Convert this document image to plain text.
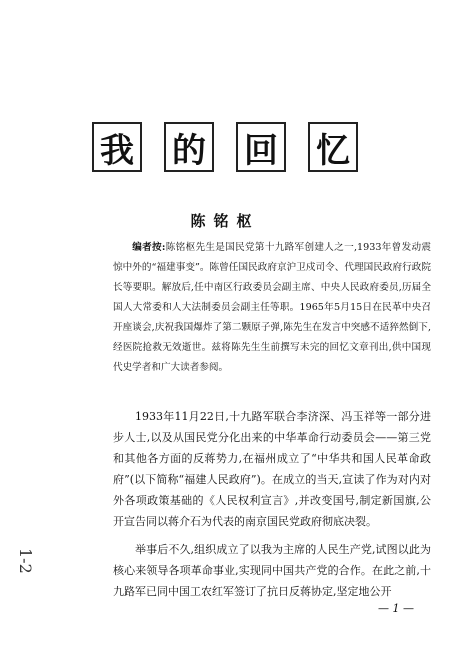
我 的 回 忆
陈铭枢
编者按:陈铭枢先生是国民党第十九路军创建人之一,1933年曾发动震惊中外的“福建事变”。陈曾任国民政府京沪卫戍司令、代理国民政府行政院长等要职。解放后,任中南区行政委员会副主席、中央人民政府委员,历届全国人大常委和人大法制委员会副主任等职。1965年5月15日在民革中央召开座谈会,庆祝我国爆炸了第二颗原子弹,陈先生在发言中突感不适猝然倒下,经医院抢救无效逝世。兹将陈先生生前撰写未完的回忆文章刊出,供中国现代史学者和广大读者参阅。

1933年11月22日,十九路军联合李济深、冯玉祥等一部分进步人士,以及从国民党分化出来的中华革命行动委员会——第三党和其他各方面的反蒋势力,在福州成立了“中华共和国人民革命政府”(以下简称“福建人民政府”)。在成立的当天,宣读了作为对内对外各项政策基础的《人民权利宣言》,并改变国号,制定新国旗,公开宣告同以蒋介石为代表的南京国民党政府彻底决裂。

举事后不久,组织成立了以我为主席的人民生产党,试图以此为核心来领导各项革命事业,实现同中国共产党的合作。在此之前,十九路军已同中国工农红军签订了抗日反蒋协定,坚定地公开

— 1 —
1-2
